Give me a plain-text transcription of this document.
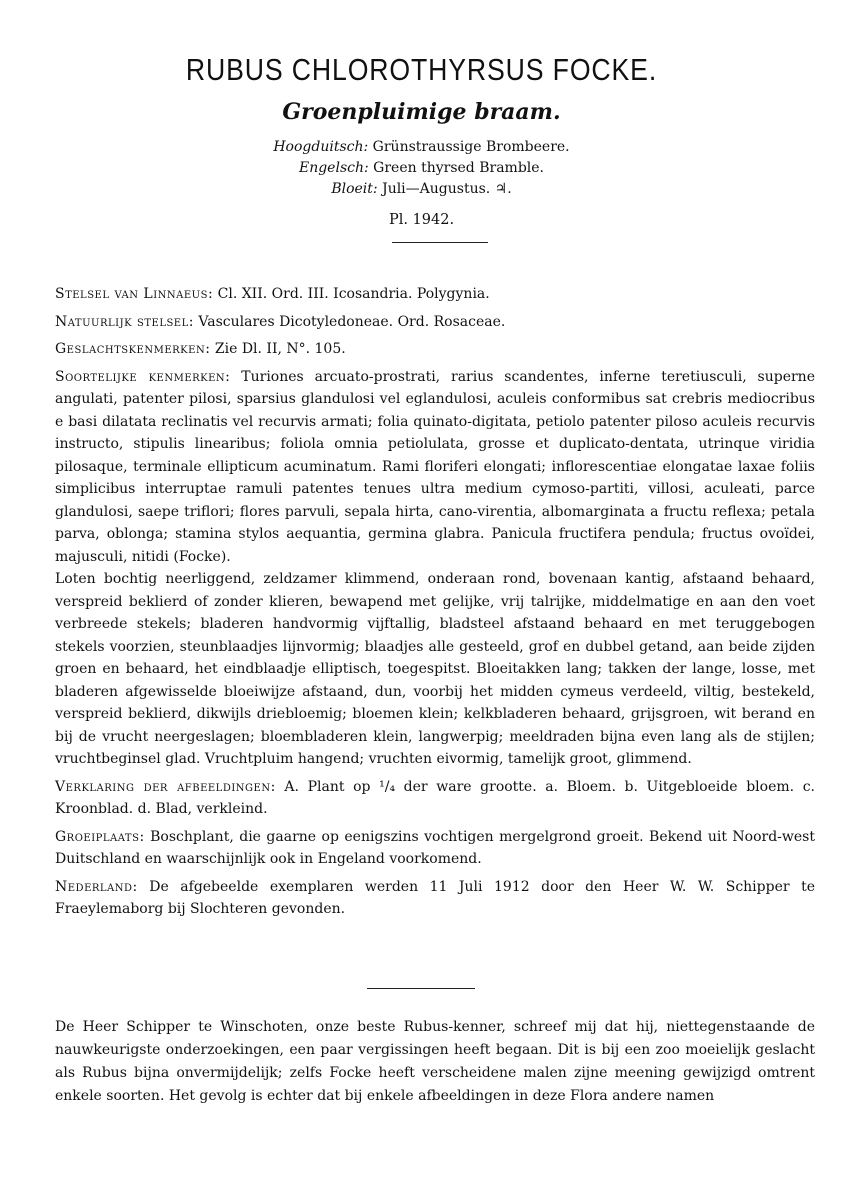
RUBUS CHLOROTHYRSUS FOCKE.
Groenpluimige braam.
Hoogduitsch: Grünstraussige Brombeere.
Engelsch: Green thyrsed Bramble.
Bloeit: Juli—Augustus. ♃.
Pl. 1942.

Stelsel van Linnaeus: Cl. XII. Ord. III. Icosandria. Polygynia.

Natuurlijk stelsel: Vasculares Dicotyledoneae. Ord. Rosaceae.

Geslachtskenmerken: Zie Dl. II, N°. 105.

Soortelijke kenmerken: Turiones arcuato-prostrati, rarius scandentes, inferne teretiusculi, superne angulati, patenter pilosi, sparsius glandulosi vel eglandulosi, aculeis conformibus sat crebris mediocribus e basi dilatata reclinatis vel recurvis armati; folia quinato-digitata, petiolo patenter piloso aculeis recurvis instructo, stipulis linearibus; foliola omnia petiolulata, grosse et duplicato-dentata, utrinque viridia pilosaque, terminale ellipticum acuminatum. Rami floriferi elongati; inflorescentiae elongatae laxae foliis simplicibus interruptae ramuli patentes tenues ultra medium cymoso-partiti, villosi, aculeati, parce glandulosi, saepe triflori; flores parvuli, sepala hirta, cano-virentia, albomarginata a fructu reflexa; petala parva, oblonga; stamina stylos aequantia, germina glabra. Panicula fructifera pendula; fructus ovoïdei, majusculi, nitidi (Focke).

Loten bochtig neerliggend, zeldzamer klimmend, onderaan rond, bovenaan kantig, afstaand behaard, verspreid beklierd of zonder klieren, bewapend met gelijke, vrij talrijke, middelmatige en aan den voet verbreede stekels; bladeren handvormig vijftallig, bladsteel afstaand behaard en met teruggebogen stekels voorzien, steunblaadjes lijnvormig; blaadjes alle gesteeld, grof en dubbel getand, aan beide zijden groen en behaard, het eindblaadje elliptisch, toegespitst. Bloeitakken lang; takken der lange, losse, met bladeren afgewisselde bloeiwijze afstaand, dun, voorbij het midden cymeus verdeeld, viltig, bestekeld, verspreid beklierd, dikwijls driebloemig; bloemen klein; kelkbladeren behaard, grijsgroen, wit berand en bij de vrucht neergeslagen; bloembladeren klein, langwerpig; meeldraden bijna even lang als de stijlen; vruchtbeginsel glad. Vruchtpluim hangend; vruchten eivormig, tamelijk groot, glimmend.

Verklaring der afbeeldingen: A. Plant op ¹/₄ der ware grootte. a. Bloem. b. Uitgebloeide bloem. c. Kroonblad. d. Blad, verkleind.

Groeiplaats: Boschplant, die gaarne op eenigszins vochtigen mergelgrond groeit. Bekend uit Noord-west Duitschland en waarschijnlijk ook in Engeland voorkomend.

Nederland: De afgebeelde exemplaren werden 11 Juli 1912 door den Heer W. W. Schipper te Fraeylemaborg bij Slochteren gevonden.

De Heer Schipper te Winschoten, onze beste Rubus-kenner, schreef mij dat hij, niettegenstaande de nauwkeurigste onderzoekingen, een paar vergissingen heeft begaan. Dit is bij een zoo moeielijk geslacht als Rubus bijna onvermijdelijk; zelfs Focke heeft verscheidene malen zijne meening gewijzigd omtrent enkele soorten. Het gevolg is echter dat bij enkele afbeeldingen in deze Flora andere namen
